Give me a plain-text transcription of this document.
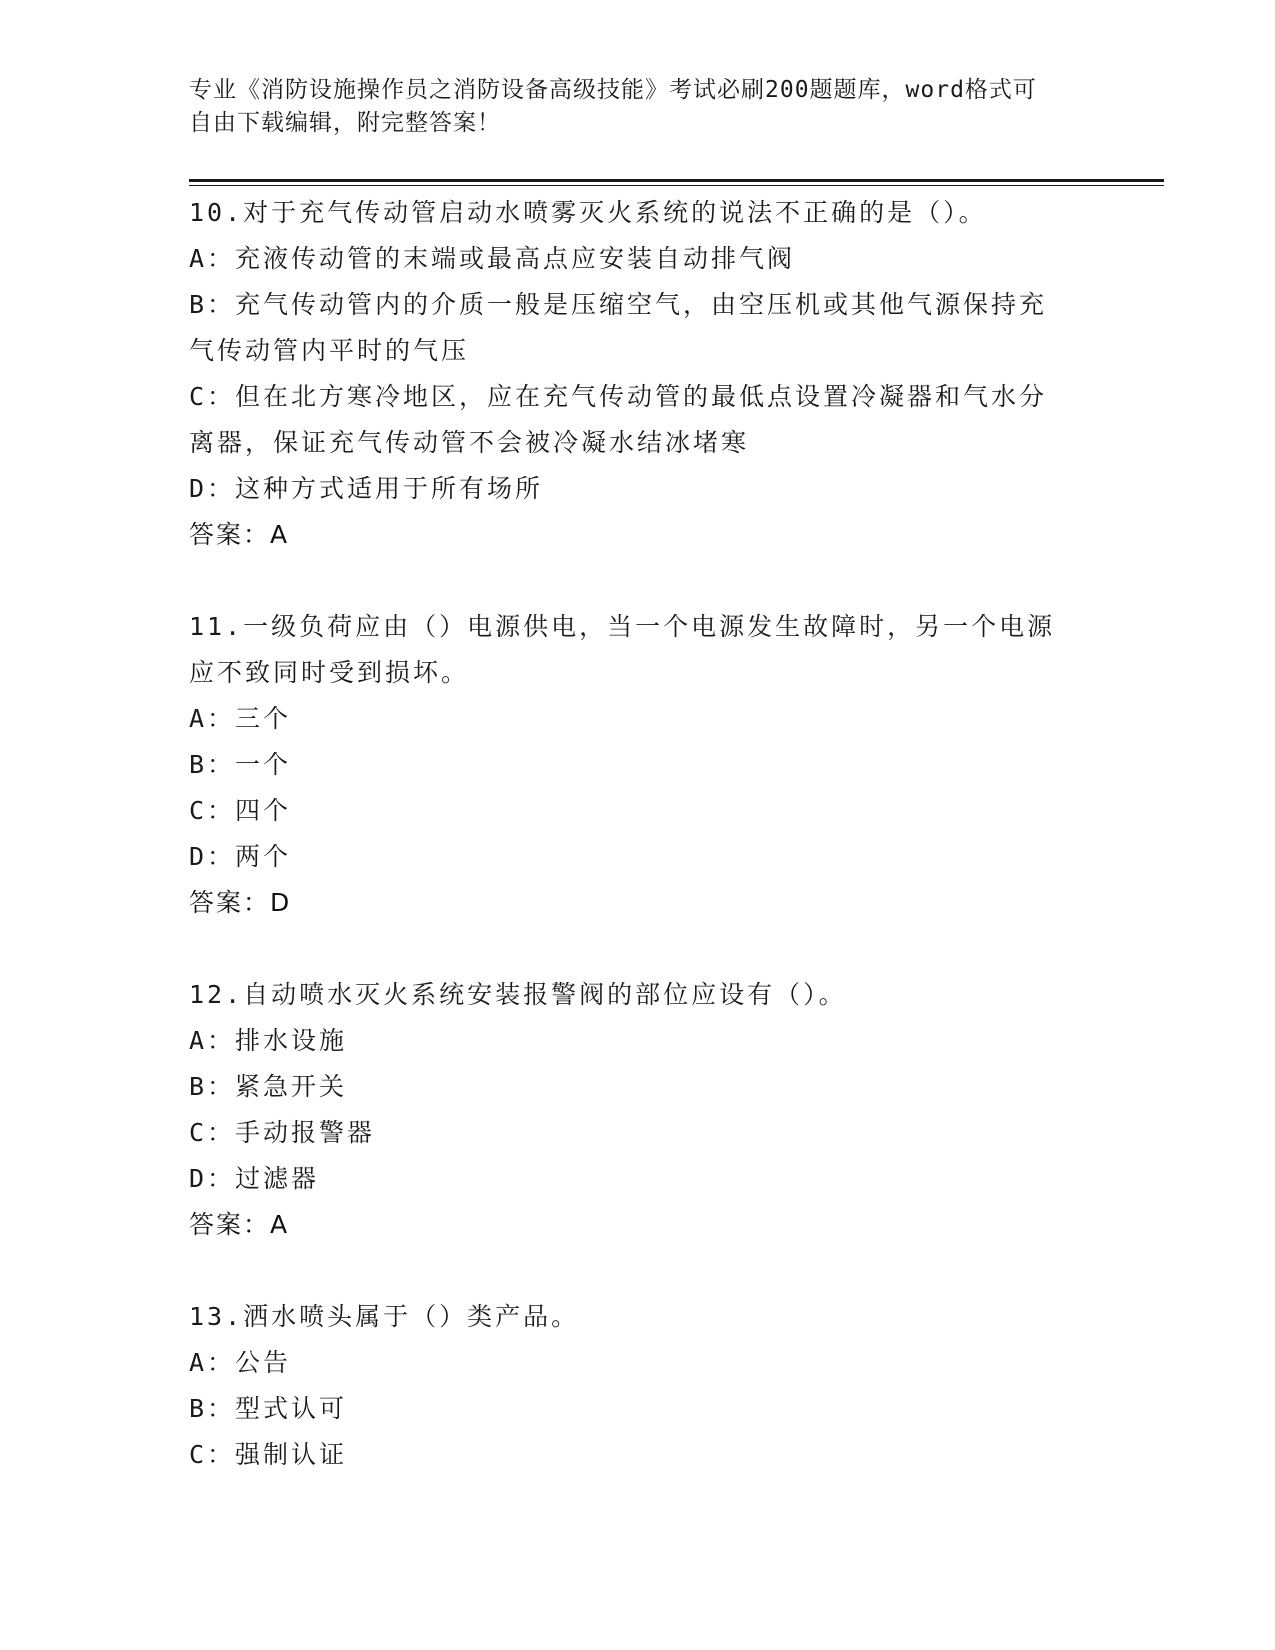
专业《消防设施操作员之消防设备高级技能》考试必刷200题题库，word格式可
自由下载编辑，附完整答案！
10.对于充气传动管启动水喷雾灭火系统的说法不正确的是（）。
A：充液传动管的末端或最高点应安装自动排气阀
B：充气传动管内的介质一般是压缩空气，由空压机或其他气源保持充
气传动管内平时的气压
C：但在北方寒冷地区，应在充气传动管的最低点设置冷凝器和气水分
离器，保证充气传动管不会被冷凝水结冰堵寒
D：这种方式适用于所有场所
答案：A
11.一级负荷应由（）电源供电，当一个电源发生故障时，另一个电源
应不致同时受到损坏。
A：三个
B：一个
C：四个
D：两个
答案：D
12.自动喷水灭火系统安装报警阀的部位应设有（）。
A：排水设施
B：紧急开关
C：手动报警器
D：过滤器
答案：A
13.洒水喷头属于（）类产品。
A：公告
B：型式认可
C：强制认证
